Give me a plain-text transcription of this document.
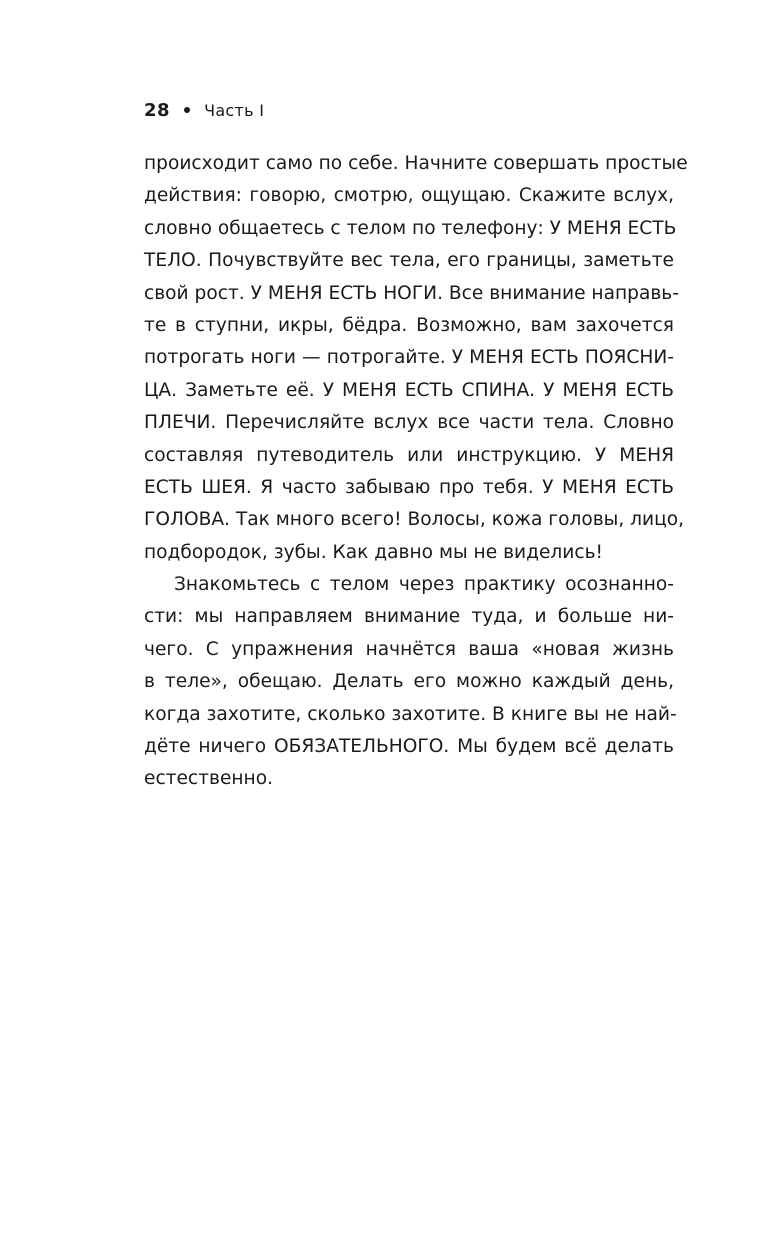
28 Часть I
происходит само по себе. Начните совершать простые
действия: говорю, смотрю, ощущаю. Скажите вслух,
словно общаетесь с телом по телефону: У МЕНЯ ЕСТЬ
ТЕЛО. Почувствуйте вес тела, его границы, заметьте
свой рост. У МЕНЯ ЕСТЬ НОГИ. Все внимание направь-
те в ступни, икры, бёдра. Возможно, вам захочется
потрогать ноги — потрогайте. У МЕНЯ ЕСТЬ ПОЯСНИ-
ЦА. Заметьте её. У МЕНЯ ЕСТЬ СПИНА. У МЕНЯ ЕСТЬ
ПЛЕЧИ. Перечисляйте вслух все части тела. Словно
составляя путеводитель или инструкцию. У МЕНЯ
ЕСТЬ ШЕЯ. Я часто забываю про тебя. У МЕНЯ ЕСТЬ
ГОЛОВА. Так много всего! Волосы, кожа головы, лицо,
подбородок, зубы. Как давно мы не виделись!
Знакомьтесь с телом через практику осознанно-
сти: мы направляем внимание туда, и больше ни-
чего. С упражнения начнётся ваша «новая жизнь
в теле», обещаю. Делать его можно каждый день,
когда захотите, сколько захотите. В книге вы не най-
дёте ничего ОБЯЗАТЕЛЬНОГО. Мы будем всё делать
естественно.
